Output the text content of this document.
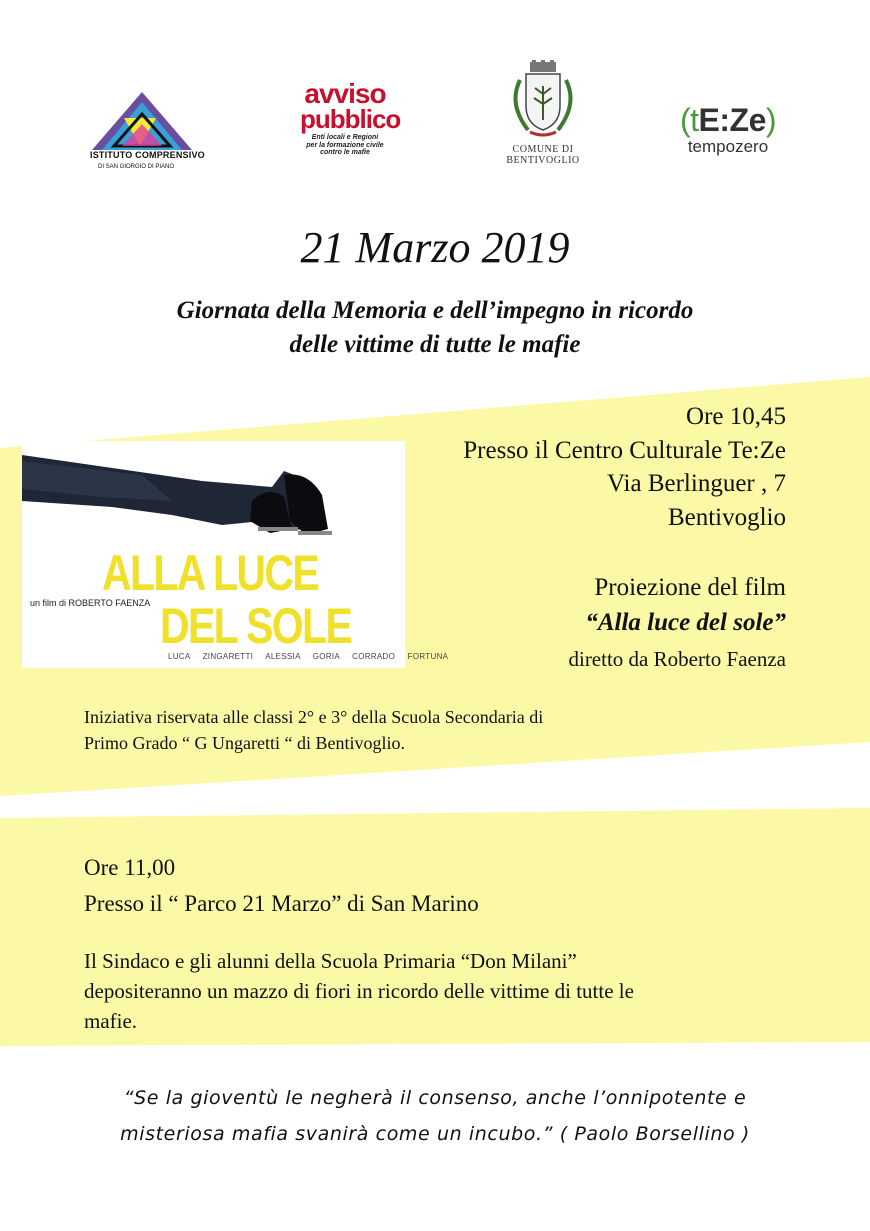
ISTITUTO COMPRENSIVO
DI SAN GIORGIO DI PIANO
avviso
pubblico
Enti locali e Regioni
per la formazione civile
contro le mafie	COMUNE DI
BENTIVOGLIO
(tE:Ze)
tempozero
21 Marzo 2019
Giornata della Memoria e dell’impegno in ricordo
delle vittime di tutte le mafie
Ore 10,45
Presso il Centro Culturale Te:Ze
Via Berlinguer , 7
Bentivoglio
Proiezione del film
“Alla luce del sole”
diretto da Roberto Faenza
ALLA LUCE
un film di ROBERTO FAENZA DEL SOLE
LUCA ZINGARETTI ALESSIA GORIA CORRADO FORTUNA
Iniziativa riservata alle classi 2° e 3° della Scuola Secondaria di
Primo Grado “ G Ungaretti “ di Bentivoglio.
Ore 11,00
Presso il “ Parco 21 Marzo” di San Marino
Il Sindaco e gli alunni della Scuola Primaria “Don Milani”
depositeranno un mazzo di fiori in ricordo delle vittime di tutte le
mafie.
“Se la gioventù le negherà il consenso, anche l’onnipotente e
misteriosa mafia svanirà come un incubo.” ( Paolo Borsellino )
